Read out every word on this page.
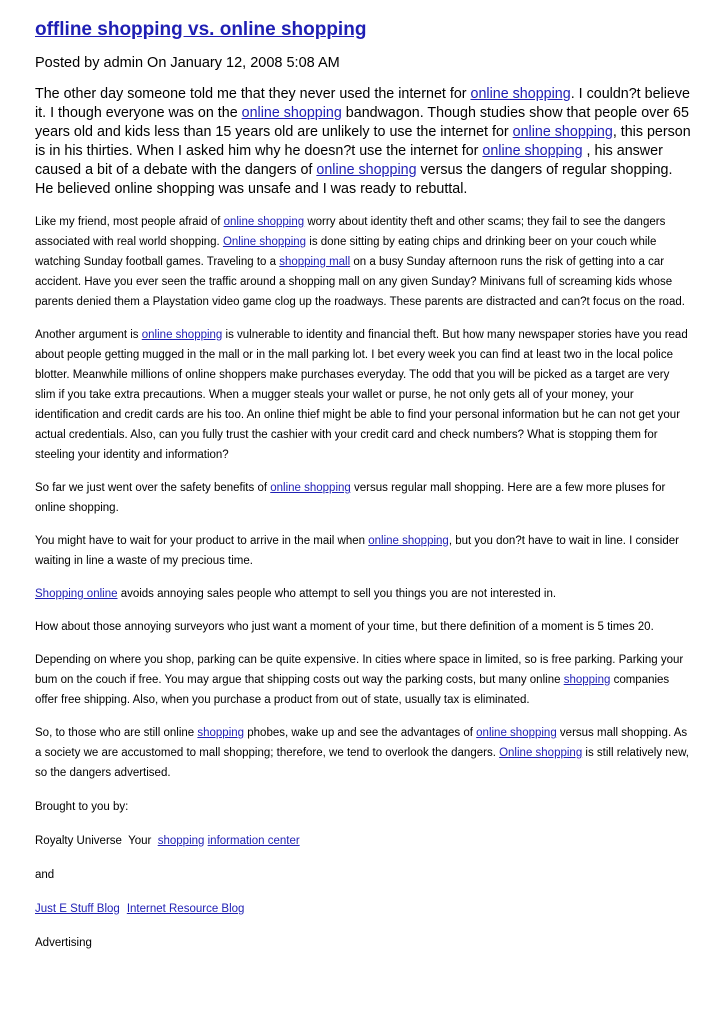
offline shopping vs. online shopping
Posted by admin On January 12, 2008 5:08 AM

The other day someone told me that they never used the internet for online shopping. I couldn?t believe it. I though everyone was on the online shopping bandwagon. Though studies show that people over 65 years old and kids less than 15 years old are unlikely to use the internet for online shopping, this person is in his thirties. When I asked him why he doesn?t use the internet for online shopping , his answer caused a bit of a debate with the dangers of online shopping versus the dangers of regular shopping. He believed online shopping was unsafe and I was ready to rebuttal.

Like my friend, most people afraid of online shopping worry about identity theft and other scams; they fail to see the dangers associated with real world shopping. Online shopping is done sitting by eating chips and drinking beer on your couch while watching Sunday football games. Traveling to a shopping mall on a busy Sunday afternoon runs the risk of getting into a car accident. Have you ever seen the traffic around a shopping mall on any given Sunday? Minivans full of screaming kids whose parents denied them a Playstation video game clog up the roadways. These parents are distracted and can?t focus on the road.

Another argument is online shopping is vulnerable to identity and financial theft. But how many newspaper stories have you read about people getting mugged in the mall or in the mall parking lot. I bet every week you can find at least two in the local police blotter. Meanwhile millions of online shoppers make purchases everyday. The odd that you will be picked as a target are very slim if you take extra precautions. When a mugger steals your wallet or purse, he not only gets all of your money, your identification and credit cards are his too. An online thief might be able to find your personal information but he can not get your actual credentials. Also, can you fully trust the cashier with your credit card and check numbers? What is stopping them for steeling your identity and information?

So far we just went over the safety benefits of online shopping versus regular mall shopping. Here are a few more pluses for online shopping.

You might have to wait for your product to arrive in the mail when online shopping, but you don?t have to wait in line. I consider waiting in line a waste of my precious time.

Shopping online avoids annoying sales people who attempt to sell you things you are not interested in.

How about those annoying surveyors who just want a moment of your time, but there definition of a moment is 5 times 20.

Depending on where you shop, parking can be quite expensive. In cities where space in limited, so is free parking. Parking your bum on the couch if free. You may argue that shipping costs out way the parking costs, but many online shopping companies offer free shipping. Also, when you purchase a product from out of state, usually tax is eliminated.

So, to those who are still online shopping phobes, wake up and see the advantages of online shopping versus mall shopping. As a society we are accustomed to mall shopping; therefore, we tend to overlook the dangers. Online shopping is still relatively new, so the dangers advertised.

Brought to you by:

Royalty Universe  Your  shopping information center

and

Just E Stuff Blog Internet Resource Blog

Advertising
